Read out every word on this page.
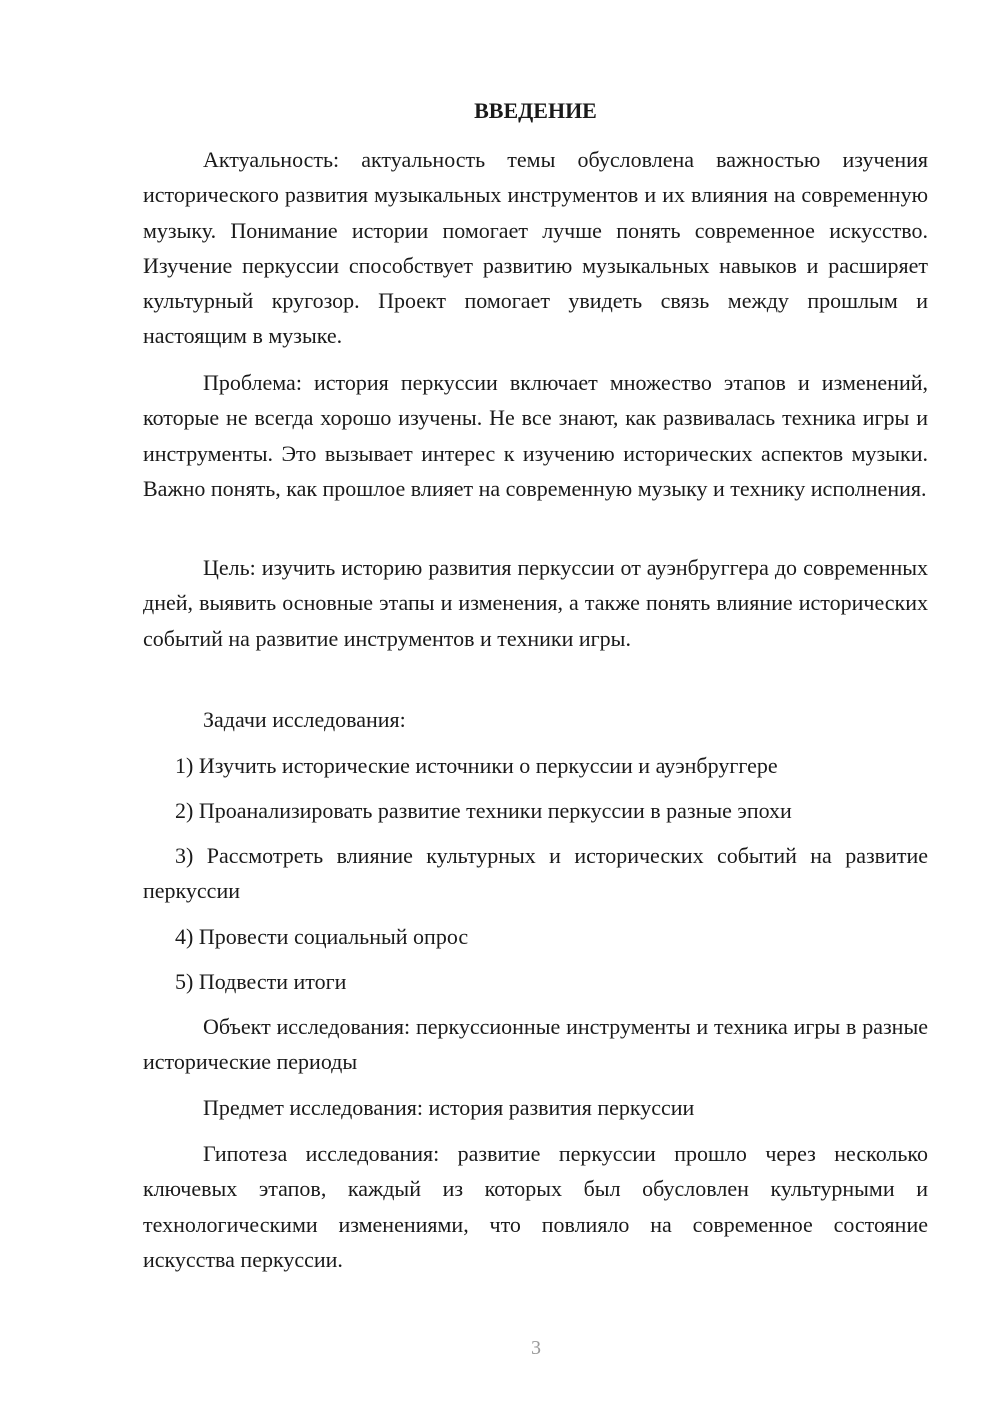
ВВЕДЕНИЕ

Актуальность: актуальность темы обусловлена важностью изучения исторического развития музыкальных инструментов и их влияния на современную музыку. Понимание истории помогает лучше понять современное искусство. Изучение перкуссии способствует развитию музыкальных навыков и расширяет культурный кругозор. Проект помогает увидеть связь между прошлым и настоящим в музыке.

Проблема: история перкуссии включает множество этапов и изменений, которые не всегда хорошо изучены. Не все знают, как развивалась техника игры и инструменты. Это вызывает интерес к изучению исторических аспектов музыки. Важно понять, как прошлое влияет на современную музыку и технику исполнения.

Цель: изучить историю развития перкуссии от ауэнбруггера до современных дней, выявить основные этапы и изменения, а также понять влияние исторических событий на развитие инструментов и техники игры.

Задачи исследования:

1) Изучить исторические источники о перкуссии и ауэнбруггере

2) Проанализировать развитие техники перкуссии в разные эпохи

3) Рассмотреть влияние культурных и исторических событий на развитие перкуссии

4) Провести социальный опрос

5) Подвести итоги

Объект исследования: перкуссионные инструменты и техника игры в разные исторические периоды

Предмет исследования: история развития перкуссии

Гипотеза исследования: развитие перкуссии прошло через несколько ключевых этапов, каждый из которых был обусловлен культурными и технологическими изменениями, что повлияло на современное состояние искусства перкуссии.

3
